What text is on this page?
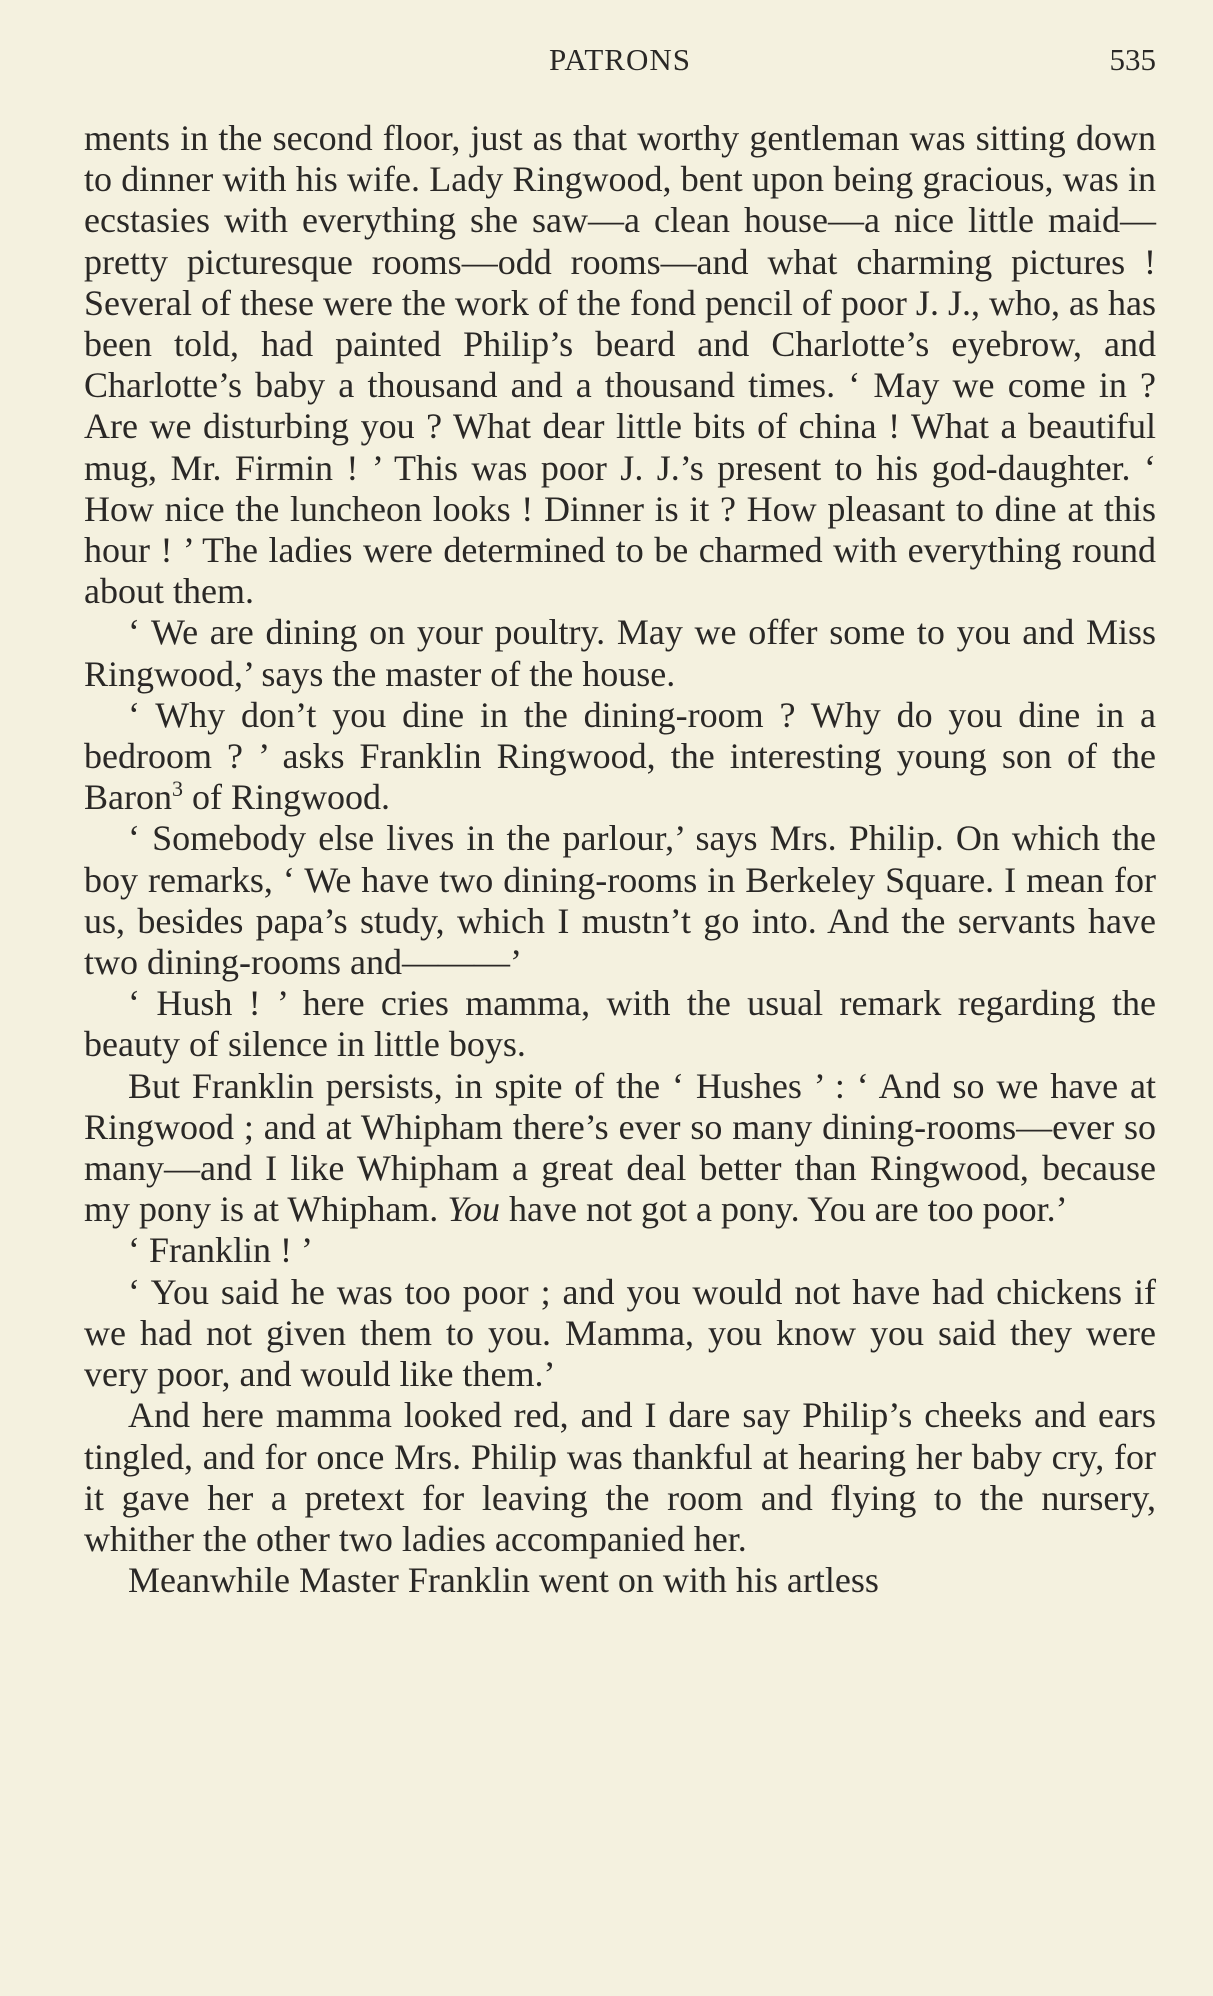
PATRONS	535

ments in the second floor, just as that worthy gentleman was sitting down to dinner with his wife. Lady Ringwood, bent upon being gracious, was in ecstasies with everything she saw—a clean house—a nice little maid—pretty picturesque rooms—odd rooms—and what charming pictures ! Several of these were the work of the fond pencil of poor J. J., who, as has been told, had painted Philip’s beard and Charlotte’s eyebrow, and Charlotte’s baby a thousand and a thousand times. ‘ May we come in ? Are we disturbing you ? What dear little bits of china ! What a beautiful mug, Mr. Firmin ! ’ This was poor J. J.’s present to his god-daughter. ‘ How nice the luncheon looks ! Dinner is it ? How pleasant to dine at this hour ! ’ The ladies were determined to be charmed with everything round about them.

‘ We are dining on your poultry. May we offer some to you and Miss Ringwood,’ says the master of the house.

‘ Why don’t you dine in the dining-room ? Why do you dine in a bedroom ? ’ asks Franklin Ringwood, the interesting young son of the Baron$^3$ of Ringwood.

‘ Somebody else lives in the parlour,’ says Mrs. Philip. On which the boy remarks, ‘ We have two dining-rooms in Berkeley Square. I mean for us, besides papa’s study, which I mustn’t go into. And the servants have two dining-rooms and———’

‘ Hush ! ’ here cries mamma, with the usual remark regarding the beauty of silence in little boys.

But Franklin persists, in spite of the ‘ Hushes ’ : ‘ And so we have at Ringwood ; and at Whipham there’s ever so many dining-rooms—ever so many—and I like Whipham a great deal better than Ringwood, because my pony is at Whipham. You have not got a pony. You are too poor.’

‘ Franklin ! ’

‘ You said he was too poor ; and you would not have had chickens if we had not given them to you. Mamma, you know you said they were very poor, and would like them.’

And here mamma looked red, and I dare say Philip’s cheeks and ears tingled, and for once Mrs. Philip was thankful at hearing her baby cry, for it gave her a pretext for leaving the room and flying to the nursery, whither the other two ladies accompanied her.

Meanwhile Master Franklin went on with his artless
